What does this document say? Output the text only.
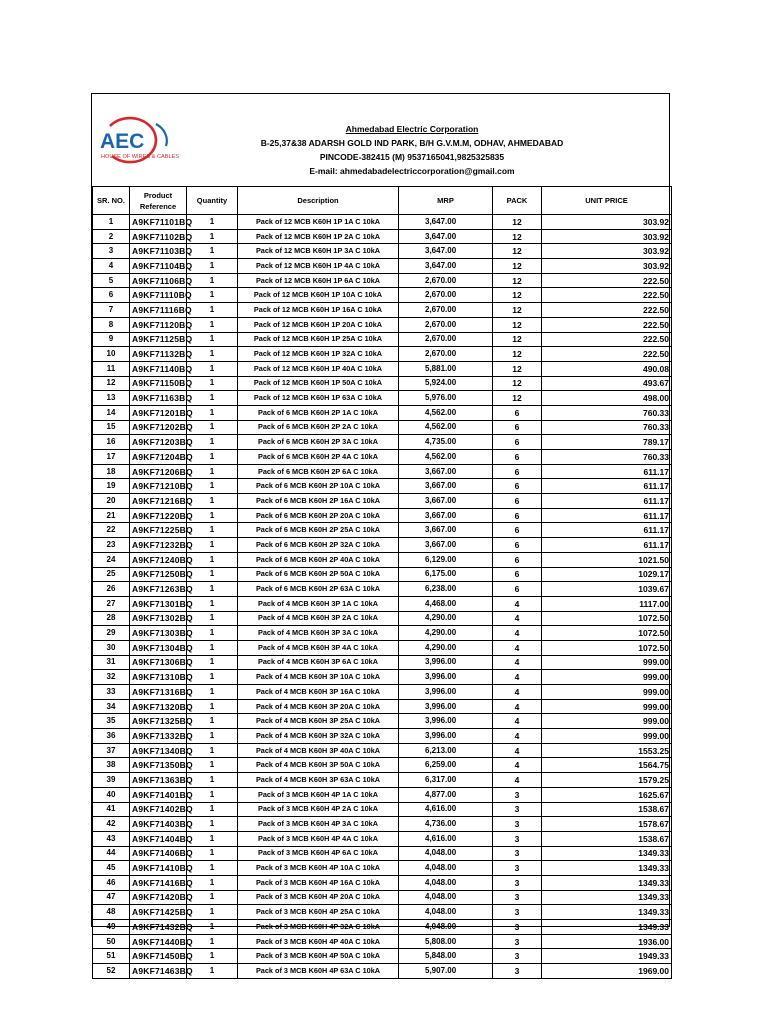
AEC
HOUSE OF WIRES & CABLES
Ahmedabad Electric Corporation
B-25,37&38 ADARSH GOLD IND PARK, B/H G.V.M.M, ODHAV, AHMEDABAD
PINCODE-382415 (M) 9537165041,9825325835
E-mail: ahmedabadelectriccorporation@gmail.com
SR. NO.	Product Reference	Quantity	Description	MRP	PACK	UNIT PRICE
1	A9KF71101BQ	1	Pack of 12 MCB K60H 1P 1A C 10kA	3,647.00	12	303.92
2	A9KF71102BQ	1	Pack of 12 MCB K60H 1P 2A C 10kA	3,647.00	12	303.92
3	A9KF71103BQ	1	Pack of 12 MCB K60H 1P 3A C 10kA	3,647.00	12	303.92
4	A9KF71104BQ	1	Pack of 12 MCB K60H 1P 4A C 10kA	3,647.00	12	303.92
5	A9KF71106BQ	1	Pack of 12 MCB K60H 1P 6A C 10kA	2,670.00	12	222.50
6	A9KF71110BQ	1	Pack of 12 MCB K60H 1P 10A C 10kA	2,670.00	12	222.50
7	A9KF71116BQ	1	Pack of 12 MCB K60H 1P 16A C 10kA	2,670.00	12	222.50
8	A9KF71120BQ	1	Pack of 12 MCB K60H 1P 20A C 10kA	2,670.00	12	222.50
9	A9KF71125BQ	1	Pack of 12 MCB K60H 1P 25A C 10kA	2,670.00	12	222.50
10	A9KF71132BQ	1	Pack of 12 MCB K60H 1P 32A C 10kA	2,670.00	12	222.50
11	A9KF71140BQ	1	Pack of 12 MCB K60H 1P 40A C 10kA	5,881.00	12	490.08
12	A9KF71150BQ	1	Pack of 12 MCB K60H 1P 50A C 10kA	5,924.00	12	493.67
13	A9KF71163BQ	1	Pack of 12 MCB K60H 1P 63A C 10kA	5,976.00	12	498.00
14	A9KF71201BQ	1	Pack of 6 MCB K60H 2P 1A C 10kA	4,562.00	6	760.33
15	A9KF71202BQ	1	Pack of 6 MCB K60H 2P 2A C 10kA	4,562.00	6	760.33
16	A9KF71203BQ	1	Pack of 6 MCB K60H 2P 3A C 10kA	4,735.00	6	789.17
17	A9KF71204BQ	1	Pack of 6 MCB K60H 2P 4A C 10kA	4,562.00	6	760.33
18	A9KF71206BQ	1	Pack of 6 MCB K60H 2P 6A C 10kA	3,667.00	6	611.17
19	A9KF71210BQ	1	Pack of 6 MCB K60H 2P 10A C 10kA	3,667.00	6	611.17
20	A9KF71216BQ	1	Pack of 6 MCB K60H 2P 16A C 10kA	3,667.00	6	611.17
21	A9KF71220BQ	1	Pack of 6 MCB K60H 2P 20A C 10kA	3,667.00	6	611.17
22	A9KF71225BQ	1	Pack of 6 MCB K60H 2P 25A C 10kA	3,667.00	6	611.17
23	A9KF71232BQ	1	Pack of 6 MCB K60H 2P 32A C 10kA	3,667.00	6	611.17
24	A9KF71240BQ	1	Pack of 6 MCB K60H 2P 40A C 10kA	6,129.00	6	1021.50
25	A9KF71250BQ	1	Pack of 6 MCB K60H 2P 50A C 10kA	6,175.00	6	1029.17
26	A9KF71263BQ	1	Pack of 6 MCB K60H 2P 63A C 10kA	6,238.00	6	1039.67
27	A9KF71301BQ	1	Pack of 4 MCB K60H 3P 1A C 10kA	4,468.00	4	1117.00
28	A9KF71302BQ	1	Pack of 4 MCB K60H 3P 2A C 10kA	4,290.00	4	1072.50
29	A9KF71303BQ	1	Pack of 4 MCB K60H 3P 3A C 10kA	4,290.00	4	1072.50
30	A9KF71304BQ	1	Pack of 4 MCB K60H 3P 4A C 10kA	4,290.00	4	1072.50
31	A9KF71306BQ	1	Pack of 4 MCB K60H 3P 6A C 10kA	3,996.00	4	999.00
32	A9KF71310BQ	1	Pack of 4 MCB K60H 3P 10A C 10kA	3,996.00	4	999.00
33	A9KF71316BQ	1	Pack of 4 MCB K60H 3P 16A C 10kA	3,996.00	4	999.00
34	A9KF71320BQ	1	Pack of 4 MCB K60H 3P 20A C 10kA	3,996.00	4	999.00
35	A9KF71325BQ	1	Pack of 4 MCB K60H 3P 25A C 10kA	3,996.00	4	999.00
36	A9KF71332BQ	1	Pack of 4 MCB K60H 3P 32A C 10kA	3,996.00	4	999.00
37	A9KF71340BQ	1	Pack of 4 MCB K60H 3P 40A C 10kA	6,213.00	4	1553.25
38	A9KF71350BQ	1	Pack of 4 MCB K60H 3P 50A C 10kA	6,259.00	4	1564.75
39	A9KF71363BQ	1	Pack of 4 MCB K60H 3P 63A C 10kA	6,317.00	4	1579.25
40	A9KF71401BQ	1	Pack of 3 MCB K60H 4P 1A C 10kA	4,877.00	3	1625.67
41	A9KF71402BQ	1	Pack of 3 MCB K60H 4P 2A C 10kA	4,616.00	3	1538.67
42	A9KF71403BQ	1	Pack of 3 MCB K60H 4P 3A C 10kA	4,736.00	3	1578.67
43	A9KF71404BQ	1	Pack of 3 MCB K60H 4P 4A C 10kA	4,616.00	3	1538.67
44	A9KF71406BQ	1	Pack of 3 MCB K60H 4P 6A C 10kA	4,048.00	3	1349.33
45	A9KF71410BQ	1	Pack of 3 MCB K60H 4P 10A C 10kA	4,048.00	3	1349.33
46	A9KF71416BQ	1	Pack of 3 MCB K60H 4P 16A C 10kA	4,048.00	3	1349.33
47	A9KF71420BQ	1	Pack of 3 MCB K60H 4P 20A C 10kA	4,048.00	3	1349.33
48	A9KF71425BQ	1	Pack of 3 MCB K60H 4P 25A C 10kA	4,048.00	3	1349.33
49	A9KF71432BQ	1	Pack of 3 MCB K60H 4P 32A C 10kA	4,048.00	3	1349.33
50	A9KF71440BQ	1	Pack of 3 MCB K60H 4P 40A C 10kA	5,808.00	3	1936.00
51	A9KF71450BQ	1	Pack of 3 MCB K60H 4P 50A C 10kA	5,848.00	3	1949.33
52	A9KF71463BQ	1	Pack of 3 MCB K60H 4P 63A C 10kA	5,907.00	3	1969.00
